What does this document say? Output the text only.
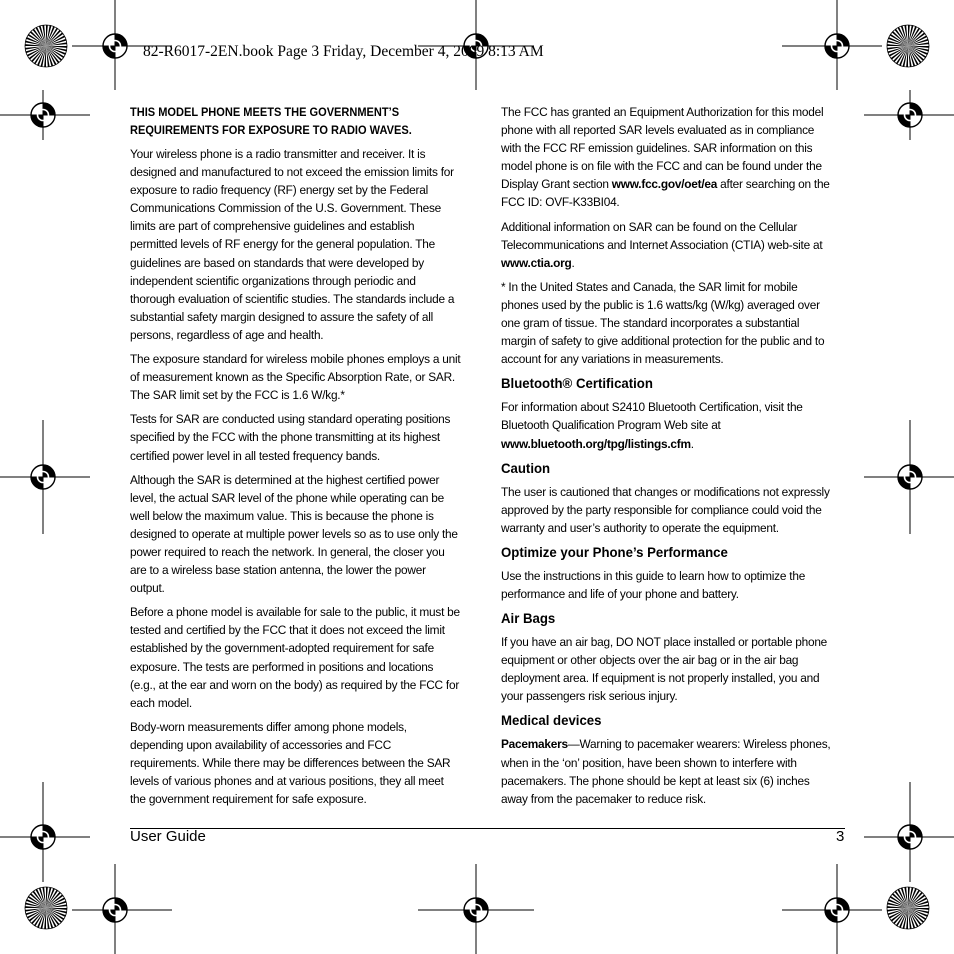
82-R6017-2EN.book Page 3 Friday, December 4, 2009 8:13 AM
THIS MODEL PHONE MEETS THE GOVERNMENT’S
REQUIREMENTS FOR EXPOSURE TO RADIO WAVES.

Your wireless phone is a radio transmitter and receiver. It is designed and manufactured to not exceed the emission limits for exposure to radio frequency (RF) energy set by the Federal Communications Commission of the U.S. Government. These limits are part of comprehensive guidelines and establish permitted levels of RF energy for the general population. The guidelines are based on standards that were developed by independent scientific organizations through periodic and thorough evaluation of scientific studies. The standards include a substantial safety margin designed to assure the safety of all persons, regardless of age and health.

The exposure standard for wireless mobile phones employs a unit of measurement known as the Specific Absorption Rate, or SAR. The SAR limit set by the FCC is 1.6 W/kg.*

Tests for SAR are conducted using standard operating positions specified by the FCC with the phone transmitting at its highest certified power level in all tested frequency bands.

Although the SAR is determined at the highest certified power level, the actual SAR level of the phone while operating can be well below the maximum value. This is because the phone is designed to operate at multiple power levels so as to use only the power required to reach the network. In general, the closer you are to a wireless base station antenna, the lower the power output.

Before a phone model is available for sale to the public, it must be tested and certified by the FCC that it does not exceed the limit established by the government-adopted requirement for safe exposure. The tests are performed in positions and locations (e.g., at the ear and worn on the body) as required by the FCC for each model.

Body-worn measurements differ among phone models, depending upon availability of accessories and FCC requirements. While there may be differences between the SAR levels of various phones and at various positions, they all meet the government requirement for safe exposure.

The FCC has granted an Equipment Authorization for this model phone with all reported SAR levels evaluated as in compliance with the FCC RF emission guidelines. SAR information on this model phone is on file with the FCC and can be found under the Display Grant section www.fcc.gov/oet/ea after searching on the FCC ID: OVF-K33BI04.

Additional information on SAR can be found on the Cellular Telecommunications and Internet Association (CTIA) web-site at www.ctia.org.

* In the United States and Canada, the SAR limit for mobile phones used by the public is 1.6 watts/kg (W/kg) averaged over one gram of tissue. The standard incorporates a substantial margin of safety to give additional protection for the public and to account for any variations in measurements.

Bluetooth® Certification

For information about S2410 Bluetooth Certification, visit the Bluetooth Qualification Program Web site at www.bluetooth.org/tpg/listings.cfm.

Caution

The user is cautioned that changes or modifications not expressly approved by the party responsible for compliance could void the warranty and user’s authority to operate the equipment.

Optimize your Phone’s Performance

Use the instructions in this guide to learn how to optimize the performance and life of your phone and battery.

Air Bags

If you have an air bag, DO NOT place installed or portable phone equipment or other objects over the air bag or in the air bag deployment area. If equipment is not properly installed, you and your passengers risk serious injury.

Medical devices

Pacemakers—Warning to pacemaker wearers: Wireless phones, when in the ‘on’ position, have been shown to interfere with pacemakers. The phone should be kept at least six (6) inches away from the pacemaker to reduce risk.

User Guide	3
